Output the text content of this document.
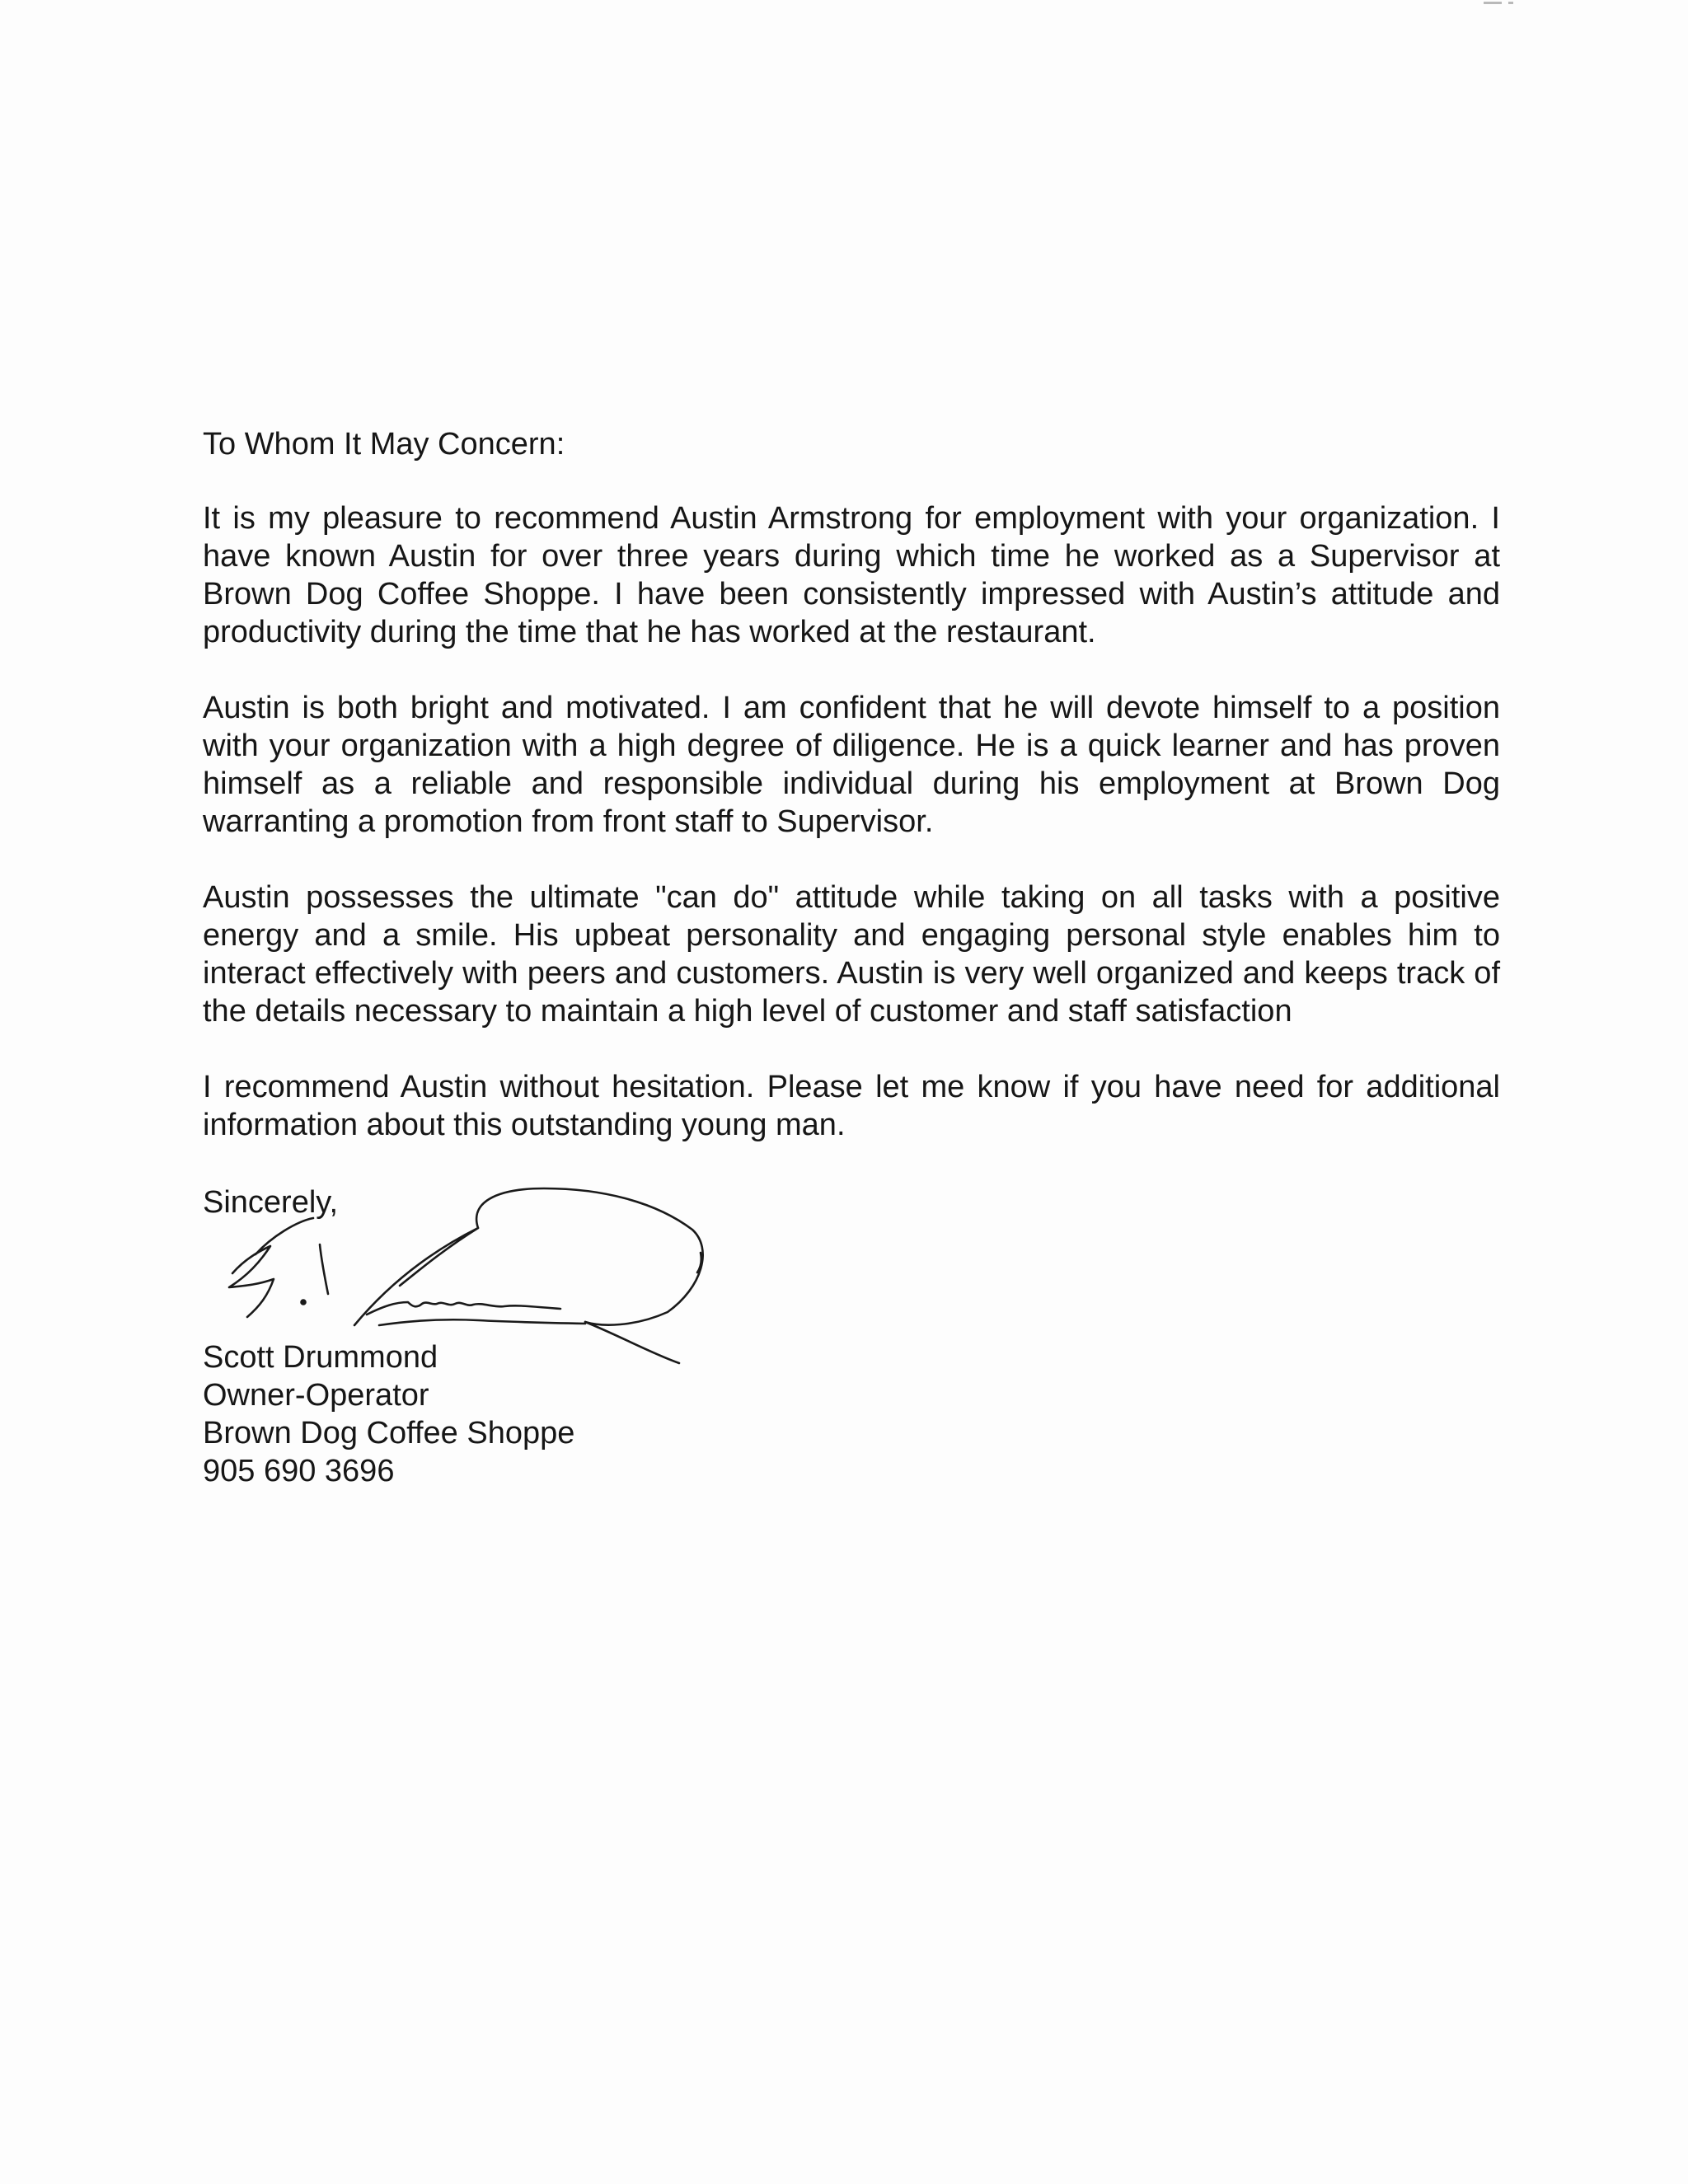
To Whom It May Concern:

It is my pleasure to recommend Austin Armstrong for employment with your organization. I have known Austin for over three years during which time he worked as a Supervisor at Brown Dog Coffee Shoppe. I have been consistently impressed with Austin’s attitude and productivity during the time that he has worked at the restaurant.

Austin is both bright and motivated. I am confident that he will devote himself to a position with your organization with a high degree of diligence. He is a quick learner and has proven himself as a reliable and responsible individual during his employment at Brown Dog warranting a promotion from front staff to Supervisor.

Austin possesses the ultimate "can do" attitude while taking on all tasks with a positive energy and a smile. His upbeat personality and engaging personal style enables him to interact effectively with peers and customers. Austin is very well organized and keeps track of the details necessary to maintain a high level of customer and staff satisfaction

I recommend Austin without hesitation. Please let me know if you have need for additional information about this outstanding young man.

Sincerely,

Scott Drummond
Owner-Operator
Brown Dog Coffee Shoppe
905 690 3696
